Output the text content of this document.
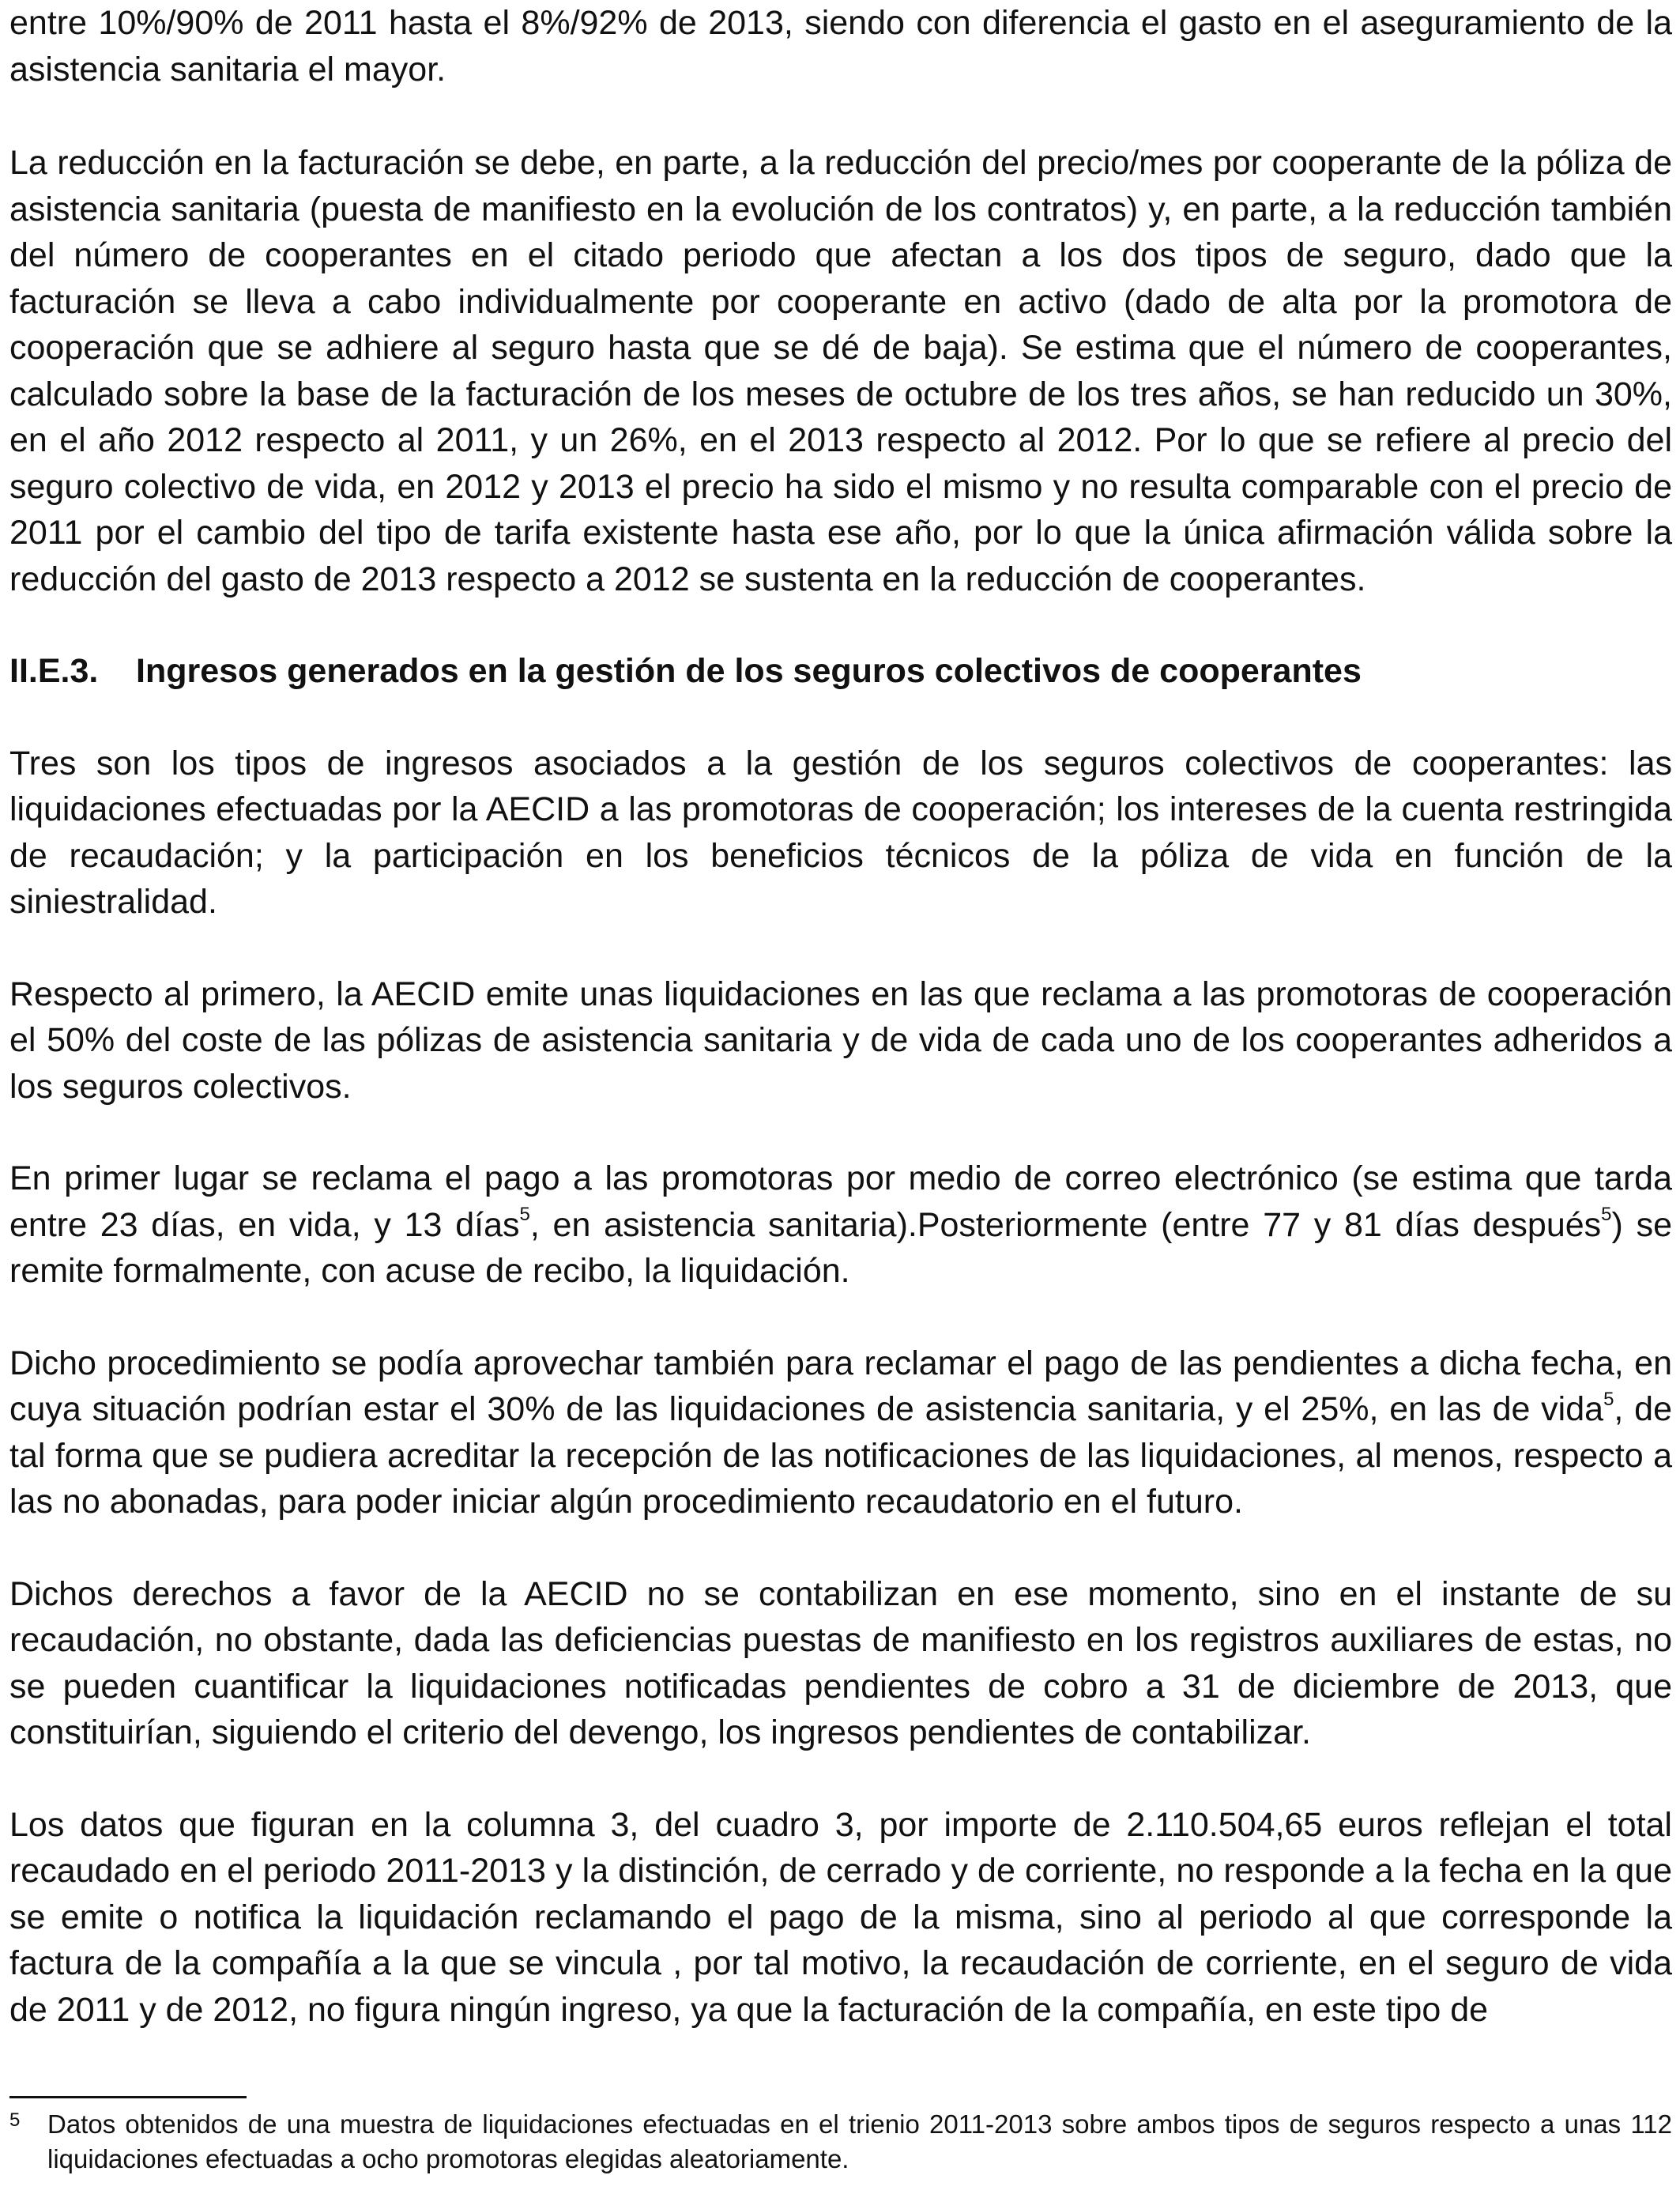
entre 10%/90% de 2011 hasta el 8%/92% de 2013, siendo con diferencia el gasto en el aseguramiento de la asistencia sanitaria el mayor.

La reducción en la facturación se debe, en parte, a la reducción del precio/mes por cooperante de la póliza de asistencia sanitaria (puesta de manifiesto en la evolución de los contratos) y, en parte, a la reducción también del número de cooperantes en el citado periodo que afectan a los dos tipos de seguro, dado que la facturación se lleva a cabo individualmente por cooperante en activo (dado de alta por la promotora de cooperación que se adhiere al seguro hasta que se dé de baja). Se estima que el número de cooperantes, calculado sobre la base de la facturación de los meses de octubre de los tres años, se han reducido un 30%, en el año 2012 respecto al 2011, y un 26%, en el 2013 respecto al 2012. Por lo que se refiere al precio del seguro colectivo de vida, en 2012 y 2013 el precio ha sido el mismo y no resulta comparable con el precio de 2011 por el cambio del tipo de tarifa existente hasta ese año, por lo que la única afirmación válida sobre la reducción del gasto de 2013 respecto a 2012 se sustenta en la reducción de cooperantes.

II.E.3.	Ingresos generados en la gestión de los seguros colectivos de cooperantes

Tres son los tipos de ingresos asociados a la gestión de los seguros colectivos de cooperantes: las liquidaciones efectuadas por la AECID a las promotoras de cooperación; los intereses de la cuenta restringida de recaudación; y la participación en los beneficios técnicos de la póliza de vida en función de la siniestralidad.

Respecto al primero, la AECID emite unas liquidaciones en las que reclama a las promotoras de cooperación el 50% del coste de las pólizas de asistencia sanitaria y de vida de cada uno de los cooperantes adheridos a los seguros colectivos.

En primer lugar se reclama el pago a las promotoras por medio de correo electrónico (se estima que tarda entre 23 días, en vida, y 13 días$^5$, en asistencia sanitaria).Posteriormente (entre 77 y 81 días después$^5$) se remite formalmente, con acuse de recibo, la liquidación.

Dicho procedimiento se podía aprovechar también para reclamar el pago de las pendientes a dicha fecha, en cuya situación podrían estar el 30% de las liquidaciones de asistencia sanitaria, y el 25%, en las de vida$^5$, de tal forma que se pudiera acreditar la recepción de las notificaciones de las liquidaciones, al menos, respecto a las no abonadas, para poder iniciar algún procedimiento recaudatorio en el futuro.

Dichos derechos a favor de la AECID no se contabilizan en ese momento, sino en el instante de su recaudación, no obstante, dada las deficiencias puestas de manifiesto en los registros auxiliares de estas, no se pueden cuantificar la liquidaciones notificadas pendientes de cobro a 31 de diciembre de 2013, que constituirían, siguiendo el criterio del devengo, los ingresos pendientes de contabilizar.

Los datos que figuran en la columna 3, del cuadro 3, por importe de 2.110.504,65 euros reflejan el total recaudado en el periodo 2011-2013 y la distinción, de cerrado y de corriente, no responde a la fecha en la que se emite o notifica la liquidación reclamando el pago de la misma, sino al periodo al que corresponde la factura de la compañía a la que se vincula , por tal motivo, la recaudación de corriente, en el seguro de vida de 2011 y de 2012, no figura ningún ingreso, ya que la facturación de la compañía, en este tipo de

5	Datos obtenidos de una muestra de liquidaciones efectuadas en el trienio 2011-2013 sobre ambos tipos de seguros respecto a unas 112 liquidaciones efectuadas a ocho promotoras elegidas aleatoriamente.
